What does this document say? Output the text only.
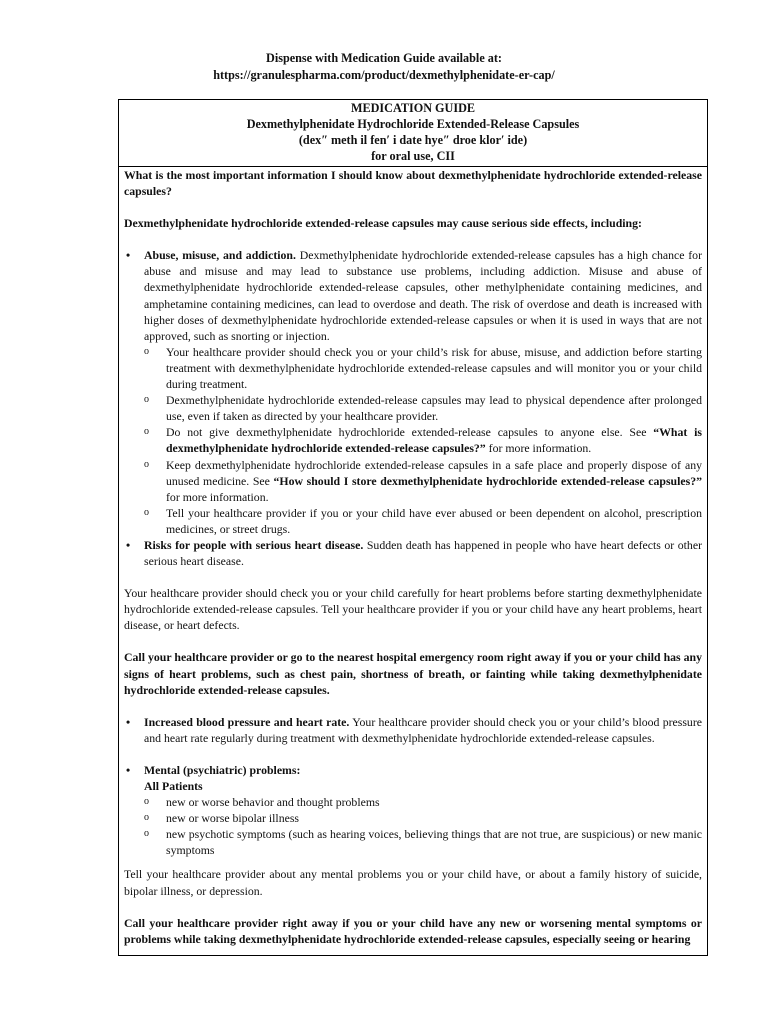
Dispense with Medication Guide available at:
https://granulespharma.com/product/dexmethylphenidate-er-cap/
MEDICATION GUIDE
Dexmethylphenidate Hydrochloride Extended-Release Capsules
(dex″ meth il fen′ i date hye″ droe klor′ ide)
for oral use, CII

What is the most important information I should know about dexmethylphenidate hydrochloride extended-release capsules?

Dexmethylphenidate hydrochloride extended-release capsules may cause serious side effects, including:

• Abuse, misuse, and addiction. Dexmethylphenidate hydrochloride extended-release capsules has a high chance for abuse and misuse and may lead to substance use problems, including addiction. Misuse and abuse of dexmethylphenidate hydrochloride extended-release capsules, other methylphenidate containing medicines, and amphetamine containing medicines, can lead to overdose and death. The risk of overdose and death is increased with higher doses of dexmethylphenidate hydrochloride extended-release capsules or when it is used in ways that are not approved, such as snorting or injection.
o Your healthcare provider should check you or your child’s risk for abuse, misuse, and addiction before starting treatment with dexmethylphenidate hydrochloride extended-release capsules and will monitor you or your child during treatment.
o Dexmethylphenidate hydrochloride extended-release capsules may lead to physical dependence after prolonged use, even if taken as directed by your healthcare provider.
o Do not give dexmethylphenidate hydrochloride extended-release capsules to anyone else. See “What is dexmethylphenidate hydrochloride extended-release capsules?” for more information.
o Keep dexmethylphenidate hydrochloride extended-release capsules in a safe place and properly dispose of any unused medicine. See “How should I store dexmethylphenidate hydrochloride extended-release capsules?” for more information.
o Tell your healthcare provider if you or your child have ever abused or been dependent on alcohol, prescription medicines, or street drugs.
• Risks for people with serious heart disease. Sudden death has happened in people who have heart defects or other serious heart disease.

Your healthcare provider should check you or your child carefully for heart problems before starting dexmethylphenidate hydrochloride extended-release capsules. Tell your healthcare provider if you or your child have any heart problems, heart disease, or heart defects.

Call your healthcare provider or go to the nearest hospital emergency room right away if you or your child has any signs of heart problems, such as chest pain, shortness of breath, or fainting while taking dexmethylphenidate hydrochloride extended-release capsules.

• Increased blood pressure and heart rate. Your healthcare provider should check you or your child’s blood pressure and heart rate regularly during treatment with dexmethylphenidate hydrochloride extended-release capsules.
• Mental (psychiatric) problems:
All Patients
o new or worse behavior and thought problems
o new or worse bipolar illness
o new psychotic symptoms (such as hearing voices, believing things that are not true, are suspicious) or new manic symptoms

Tell your healthcare provider about any mental problems you or your child have, or about a family history of suicide, bipolar illness, or depression.

Call your healthcare provider right away if you or your child have any new or worsening mental symptoms or problems while taking dexmethylphenidate hydrochloride extended-release capsules, especially seeing or hearing
